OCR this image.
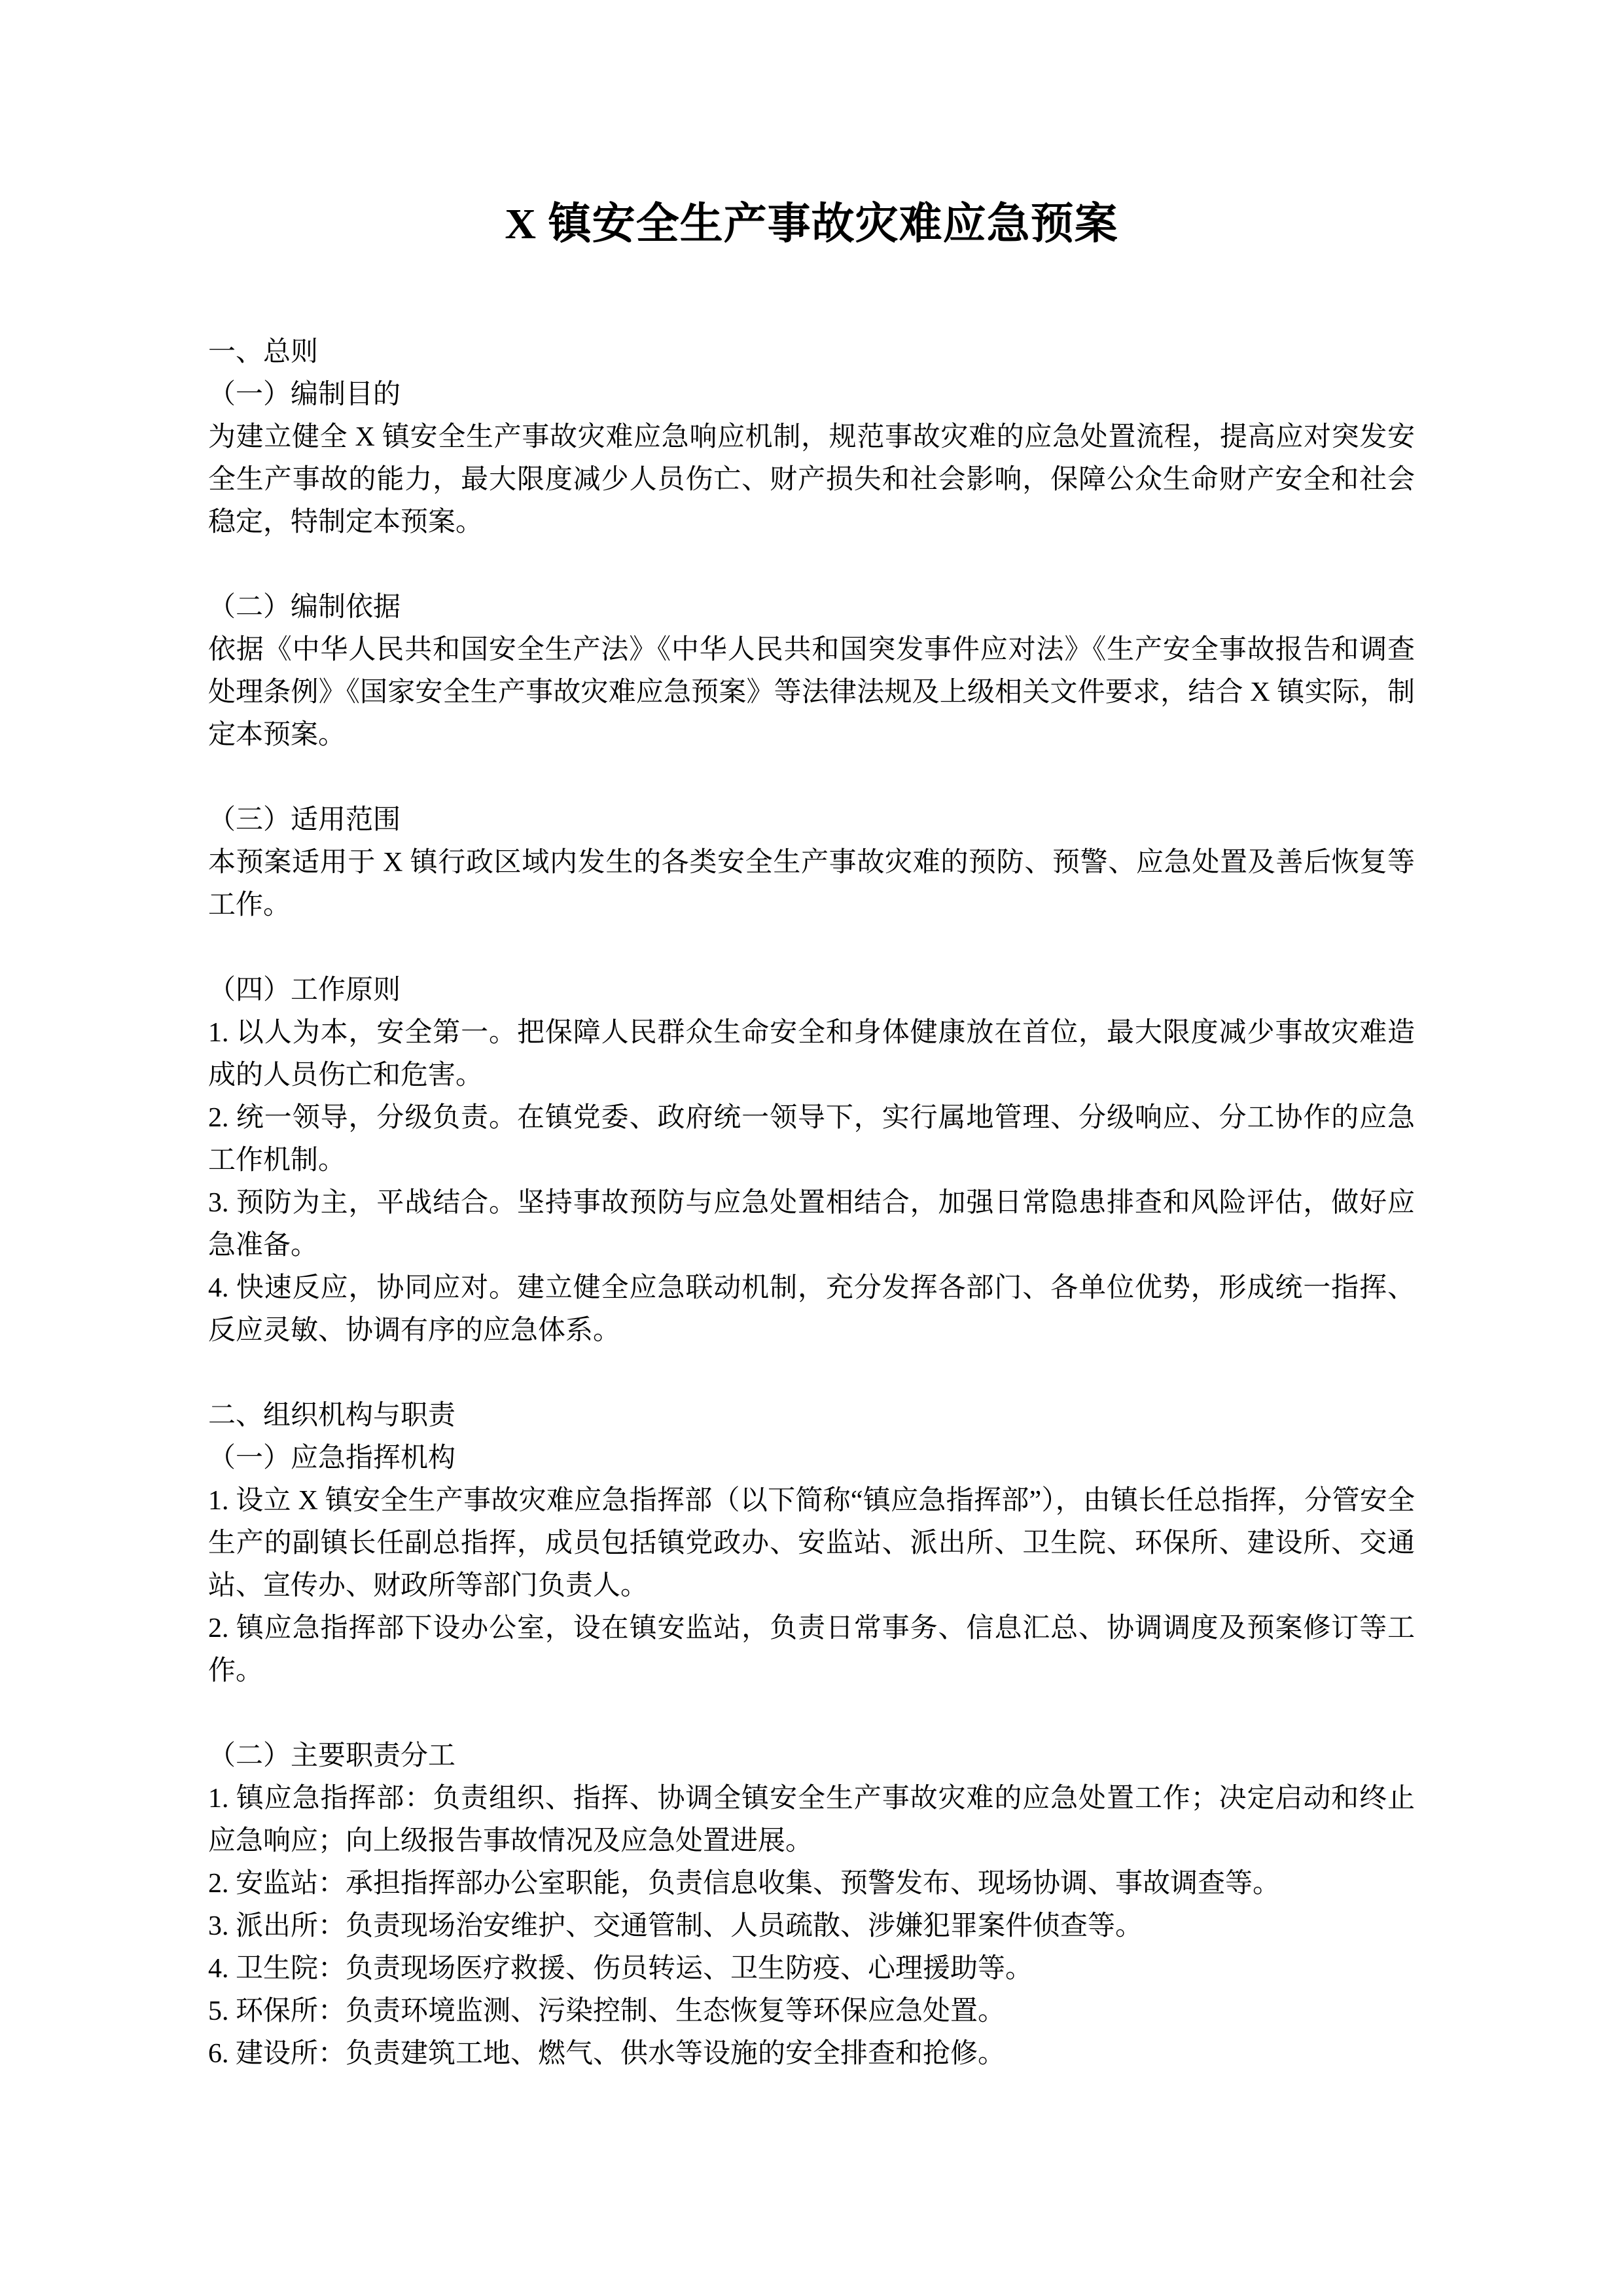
X 镇安全生产事故灾难应急预案

一、总则

（一）编制目的

为建立健全 X 镇安全生产事故灾难应急响应机制，规范事故灾难的应急处置流程，提高应对突发安全生产事故的能力，最大限度减少人员伤亡、财产损失和社会影响，保障公众生命财产安全和社会稳定，特制定本预案。

（二）编制依据

依据《中华人民共和国安全生产法》《中华人民共和国突发事件应对法》《生产安全事故报告和调查处理条例》《国家安全生产事故灾难应急预案》等法律法规及上级相关文件要求，结合 X 镇实际，制定本预案。

（三）适用范围

本预案适用于 X 镇行政区域内发生的各类安全生产事故灾难的预防、预警、应急处置及善后恢复等工作。

（四）工作原则

1. 以人为本，安全第一。把保障人民群众生命安全和身体健康放在首位，最大限度减少事故灾难造成的人员伤亡和危害。

2. 统一领导，分级负责。在镇党委、政府统一领导下，实行属地管理、分级响应、分工协作的应急工作机制。

3. 预防为主，平战结合。坚持事故预防与应急处置相结合，加强日常隐患排查和风险评估，做好应急准备。

4. 快速反应，协同应对。建立健全应急联动机制，充分发挥各部门、各单位优势，形成统一指挥、反应灵敏、协调有序的应急体系。

二、组织机构与职责

（一）应急指挥机构

1. 设立 X 镇安全生产事故灾难应急指挥部（以下简称“镇应急指挥部”），由镇长任总指挥，分管安全生产的副镇长任副总指挥，成员包括镇党政办、安监站、派出所、卫生院、环保所、建设所、交通站、宣传办、财政所等部门负责人。

2. 镇应急指挥部下设办公室，设在镇安监站，负责日常事务、信息汇总、协调调度及预案修订等工作。

（二）主要职责分工

1. 镇应急指挥部：负责组织、指挥、协调全镇安全生产事故灾难的应急处置工作；决定启动和终止应急响应；向上级报告事故情况及应急处置进展。

2. 安监站：承担指挥部办公室职能，负责信息收集、预警发布、现场协调、事故调查等。

3. 派出所：负责现场治安维护、交通管制、人员疏散、涉嫌犯罪案件侦查等。

4. 卫生院：负责现场医疗救援、伤员转运、卫生防疫、心理援助等。

5. 环保所：负责环境监测、污染控制、生态恢复等环保应急处置。

6. 建设所：负责建筑工地、燃气、供水等设施的安全排查和抢修。
